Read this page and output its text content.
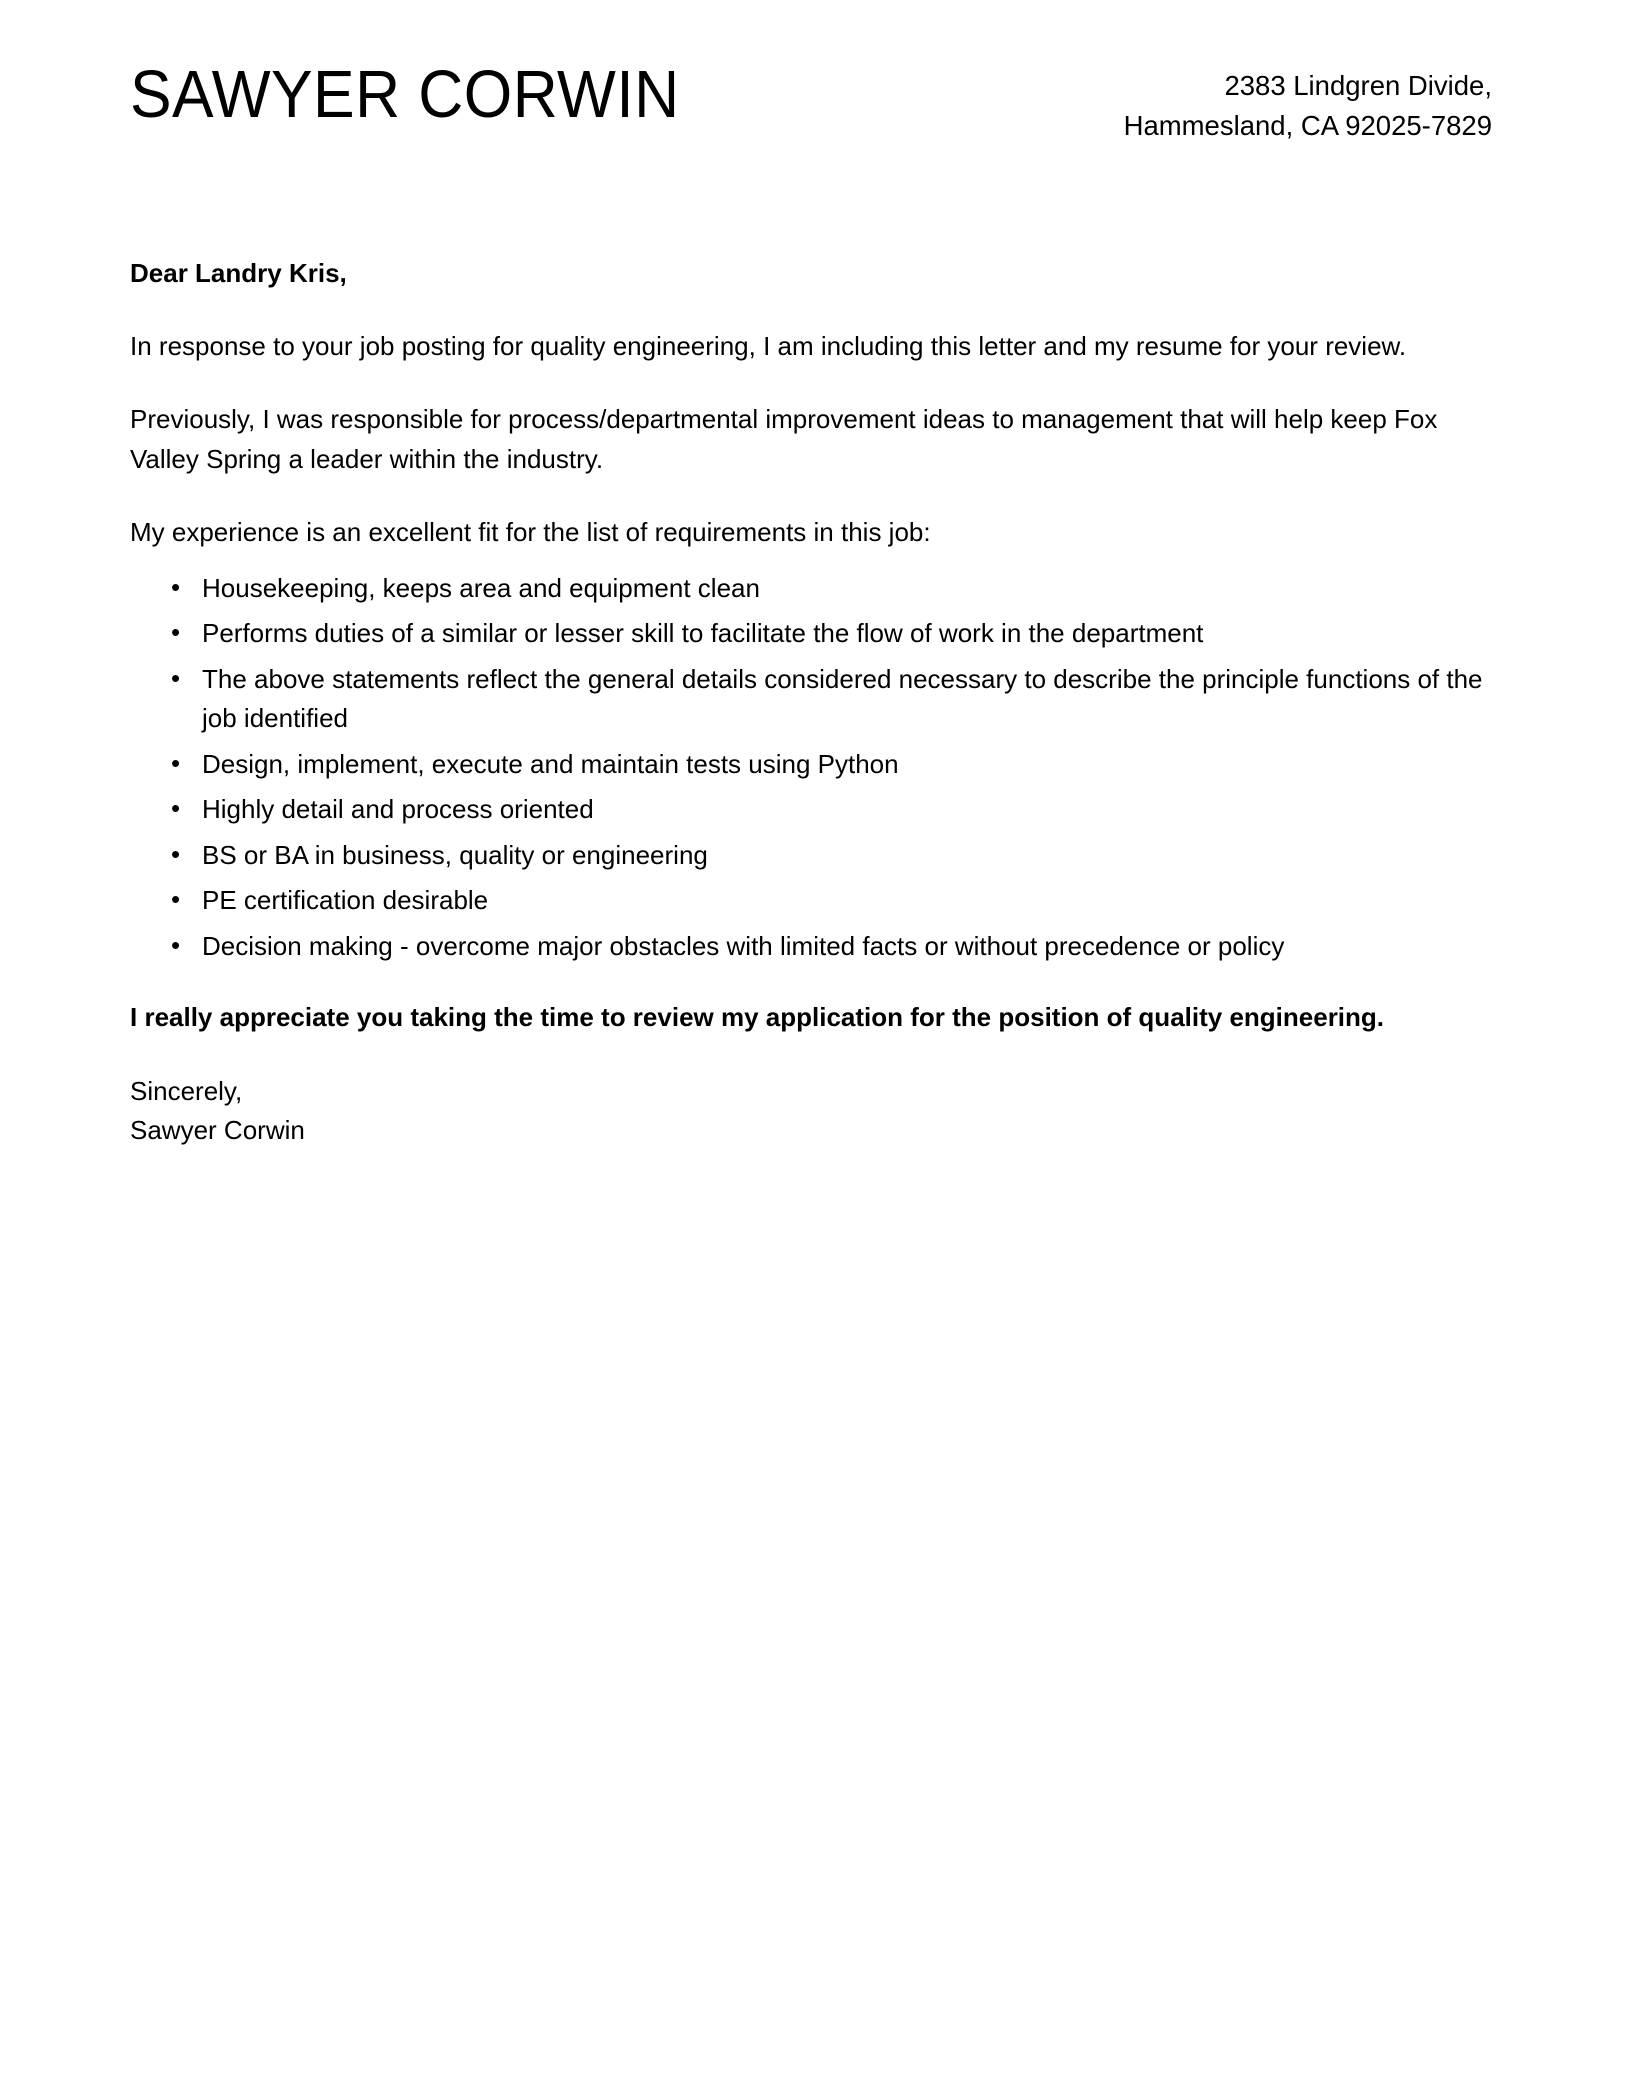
SAWYER CORWIN	2383 Lindgren Divide,
Hammesland, CA 92025-7829

Dear Landry Kris,

In response to your job posting for quality engineering, I am including this letter and my resume for your review.

Previously, I was responsible for process/departmental improvement ideas to management that will help keep Fox Valley Spring a leader within the industry.

My experience is an excellent fit for the list of requirements in this job:

• Housekeeping, keeps area and equipment clean
• Performs duties of a similar or lesser skill to facilitate the flow of work in the department
• The above statements reflect the general details considered necessary to describe the principle functions of the job identified
• Design, implement, execute and maintain tests using Python
• Highly detail and process oriented
• BS or BA in business, quality or engineering
• PE certification desirable
• Decision making - overcome major obstacles with limited facts or without precedence or policy

I really appreciate you taking the time to review my application for the position of quality engineering.

Sincerely,
Sawyer Corwin
